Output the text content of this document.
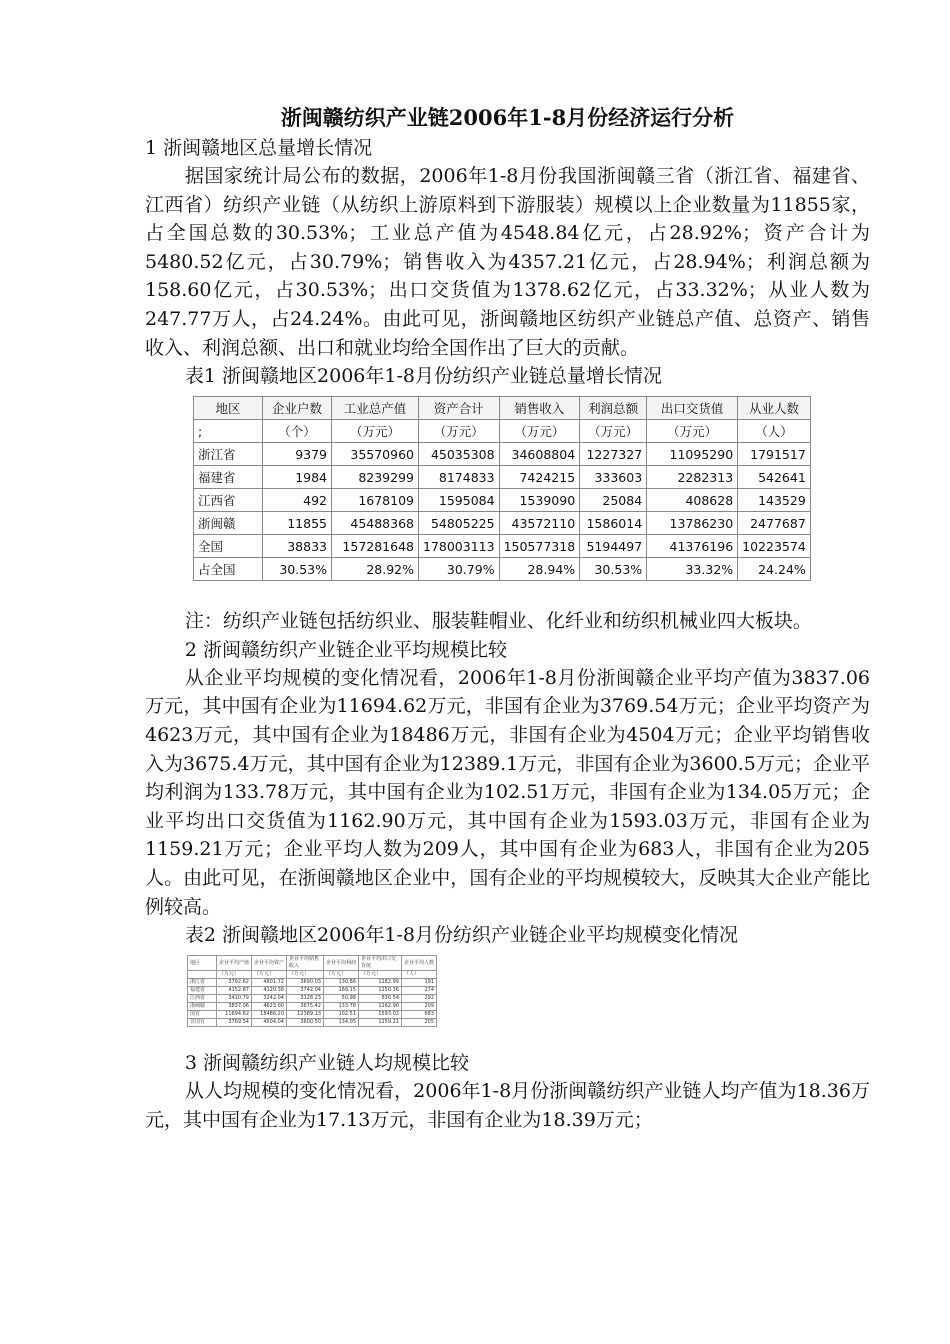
浙闽赣纺织产业链2006年1-8月份经济运行分析

1 浙闽赣地区总量增长情况

据国家统计局公布的数据，2006年1-8月份我国浙闽赣三省（浙江省、福建省、江西省）纺织产业链（从纺织上游原料到下游服装）规模以上企业数量为11855家，占全国总数的30.53%；工业总产值为4548.84亿元，占28.92%；资产合计为5480.52亿元，占30.79%；销售收入为4357.21亿元，占28.94%；利润总额为158.60亿元，占30.53%；出口交货值为1378.62亿元，占33.32%；从业人数为247.77万人，占24.24%。由此可见，浙闽赣地区纺织产业链总产值、总资产、销售收入、利润总额、出口和就业均给全国作出了巨大的贡献。

表1 浙闽赣地区2006年1-8月份纺织产业链总量增长情况

地区	企业户数	工业总产值	资产合计	销售收入	利润总额	出口交货值	从业人数
;	（个）	（万元）	（万元）	（万元）	（万元）	（万元）	（人）
浙江省	9379	35570960	45035308	34608804	1227327	11095290	1791517
福建省	1984	8239299	8174833	7424215	333603	2282313	542641
江西省	492	1678109	1595084	1539090	25084	408628	143529
浙闽赣	11855	45488368	54805225	43572110	1586014	13786230	2477687
全国	38833	157281648	178003113	150577318	5194497	41376196	10223574
占全国	30.53%	28.92%	30.79%	28.94%	30.53%	33.32%	24.24%

注：纺织产业链包括纺织业、服装鞋帽业、化纤业和纺织机械业四大板块。

2 浙闽赣纺织产业链企业平均规模比较

从企业平均规模的变化情况看，2006年1-8月份浙闽赣企业平均产值为3837.06万元，其中国有企业为11694.62万元，非国有企业为3769.54万元；企业平均资产为4623万元，其中国有企业为18486万元，非国有企业为4504万元；企业平均销售收入为3675.4万元，其中国有企业为12389.1万元，非国有企业为3600.5万元；企业平均利润为133.78万元，其中国有企业为102.51万元，非国有企业为134.05万元；企业平均出口交货值为1162.90万元，其中国有企业为1593.03万元，非国有企业为1159.21万元；企业平均人数为209人，其中国有企业为683人，非国有企业为205人。由此可见，在浙闽赣地区企业中，国有企业的平均规模较大，反映其大企业产能比例较高。

表2 浙闽赣地区2006年1-8月份纺织产业链企业平均规模变化情况

地区	企业平均产值	企业平均资产	企业平均销售收入	企业平均利润	企业平均出口交货值	企业平均人数
	（万元）	（万元）	（万元）	（万元）	（万元）	（人）
浙江省	3792.62	4801.72	3690.03	130.86	1182.99	191
福建省	4152.87	4120.38	3742.04	168.15	1150.36	274
江西省	3410.79	3242.04	3128.23	50.98	830.54	292
浙闽赣	3837.06	4623.00	3675.42	133.78	1162.90	209
国有	11694.62	18486.20	12389.13	102.51	1593.03	683
非国有	3769.54	4504.04	3600.50	134.05	1159.21	205

3 浙闽赣纺织产业链人均规模比较

从人均规模的变化情况看，2006年1-8月份浙闽赣纺织产业链人均产值为18.36万元，其中国有企业为17.13万元，非国有企业为18.39万元；
